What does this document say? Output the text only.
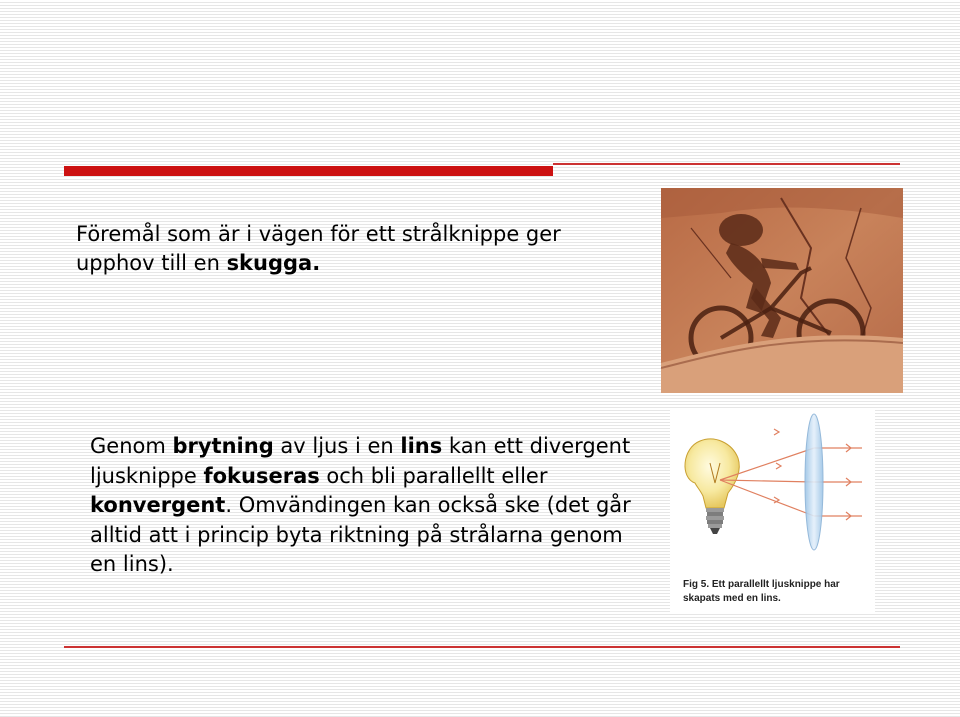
Föremål som är i vägen för ett strålknippe ger
upphov till en skugga.
Genom brytning av ljus i en lins kan ett divergent ljusknippe fokuseras och bli parallellt eller konvergent. Omvändingen kan också ske (det går alltid att i princip byta riktning på strålarna genom en lins).
Fig 5. Ett parallellt ljusknippe har
skapats med en lins.
